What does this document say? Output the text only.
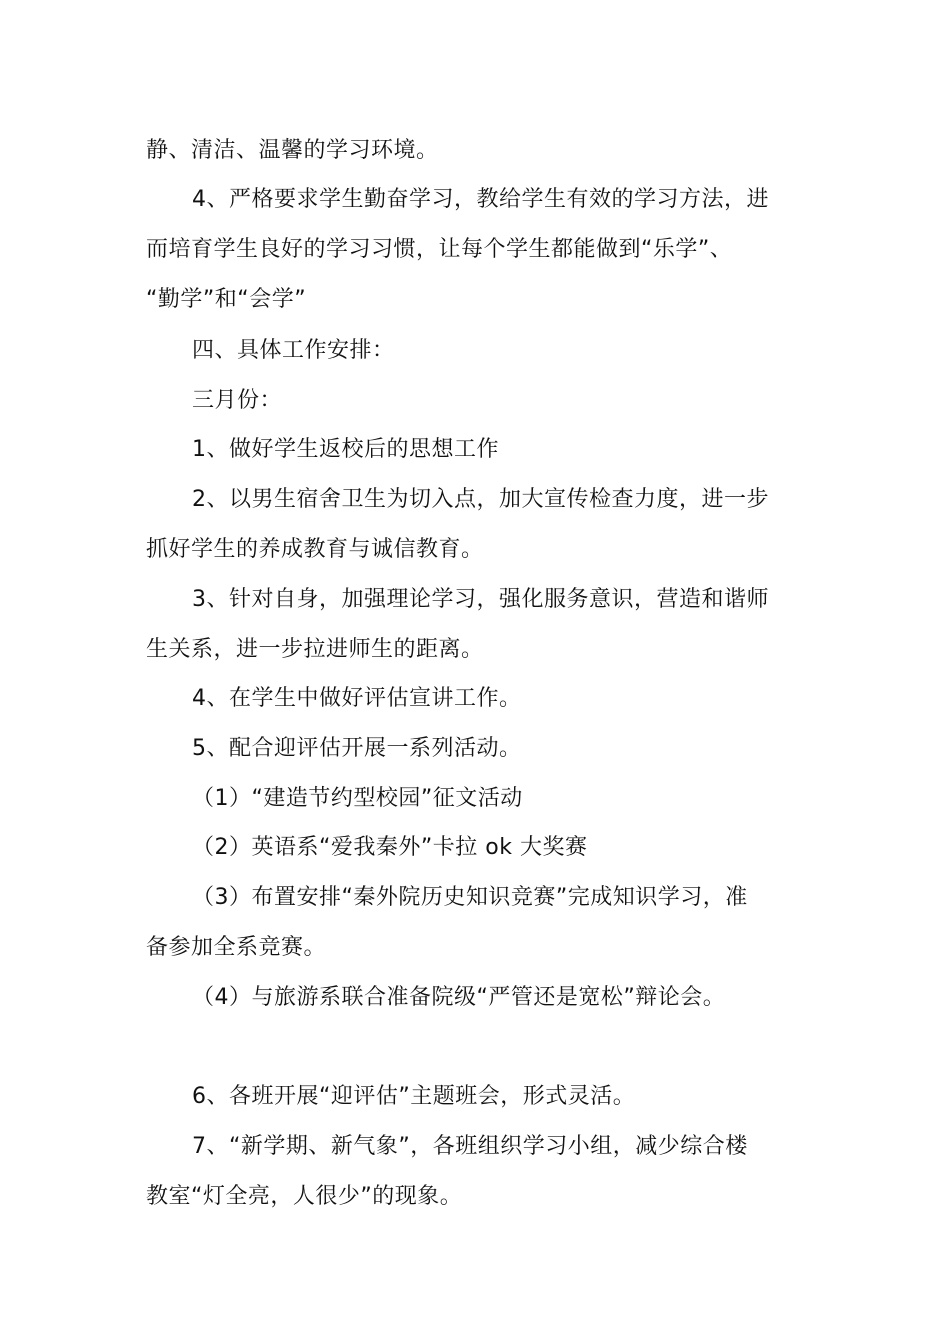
静、清洁、温馨的学习环境。
4、严格要求学生勤奋学习，教给学生有效的学习方法，进
而培育学生良好的学习习惯，让每个学生都能做到“乐学”、
“勤学”和“会学”
四、具体工作安排：
三月份：
1、做好学生返校后的思想工作
2、以男生宿舍卫生为切入点，加大宣传检查力度，进一步
抓好学生的养成教育与诚信教育。
3、针对自身，加强理论学习，强化服务意识，营造和谐师
生关系，进一步拉进师生的距离。
4、在学生中做好评估宣讲工作。
5、配合迎评估开展一系列活动。
（1）“建造节约型校园”征文活动
（2）英语系“爱我秦外”卡拉 ok 大奖赛
（3）布置安排“秦外院历史知识竞赛”完成知识学习，准
备参加全系竞赛。
（4）与旅游系联合准备院级“严管还是宽松”辩论会。
6、各班开展“迎评估”主题班会，形式灵活。
7、“新学期、新气象”，各班组织学习小组，减少综合楼
教室“灯全亮，人很少”的现象。
